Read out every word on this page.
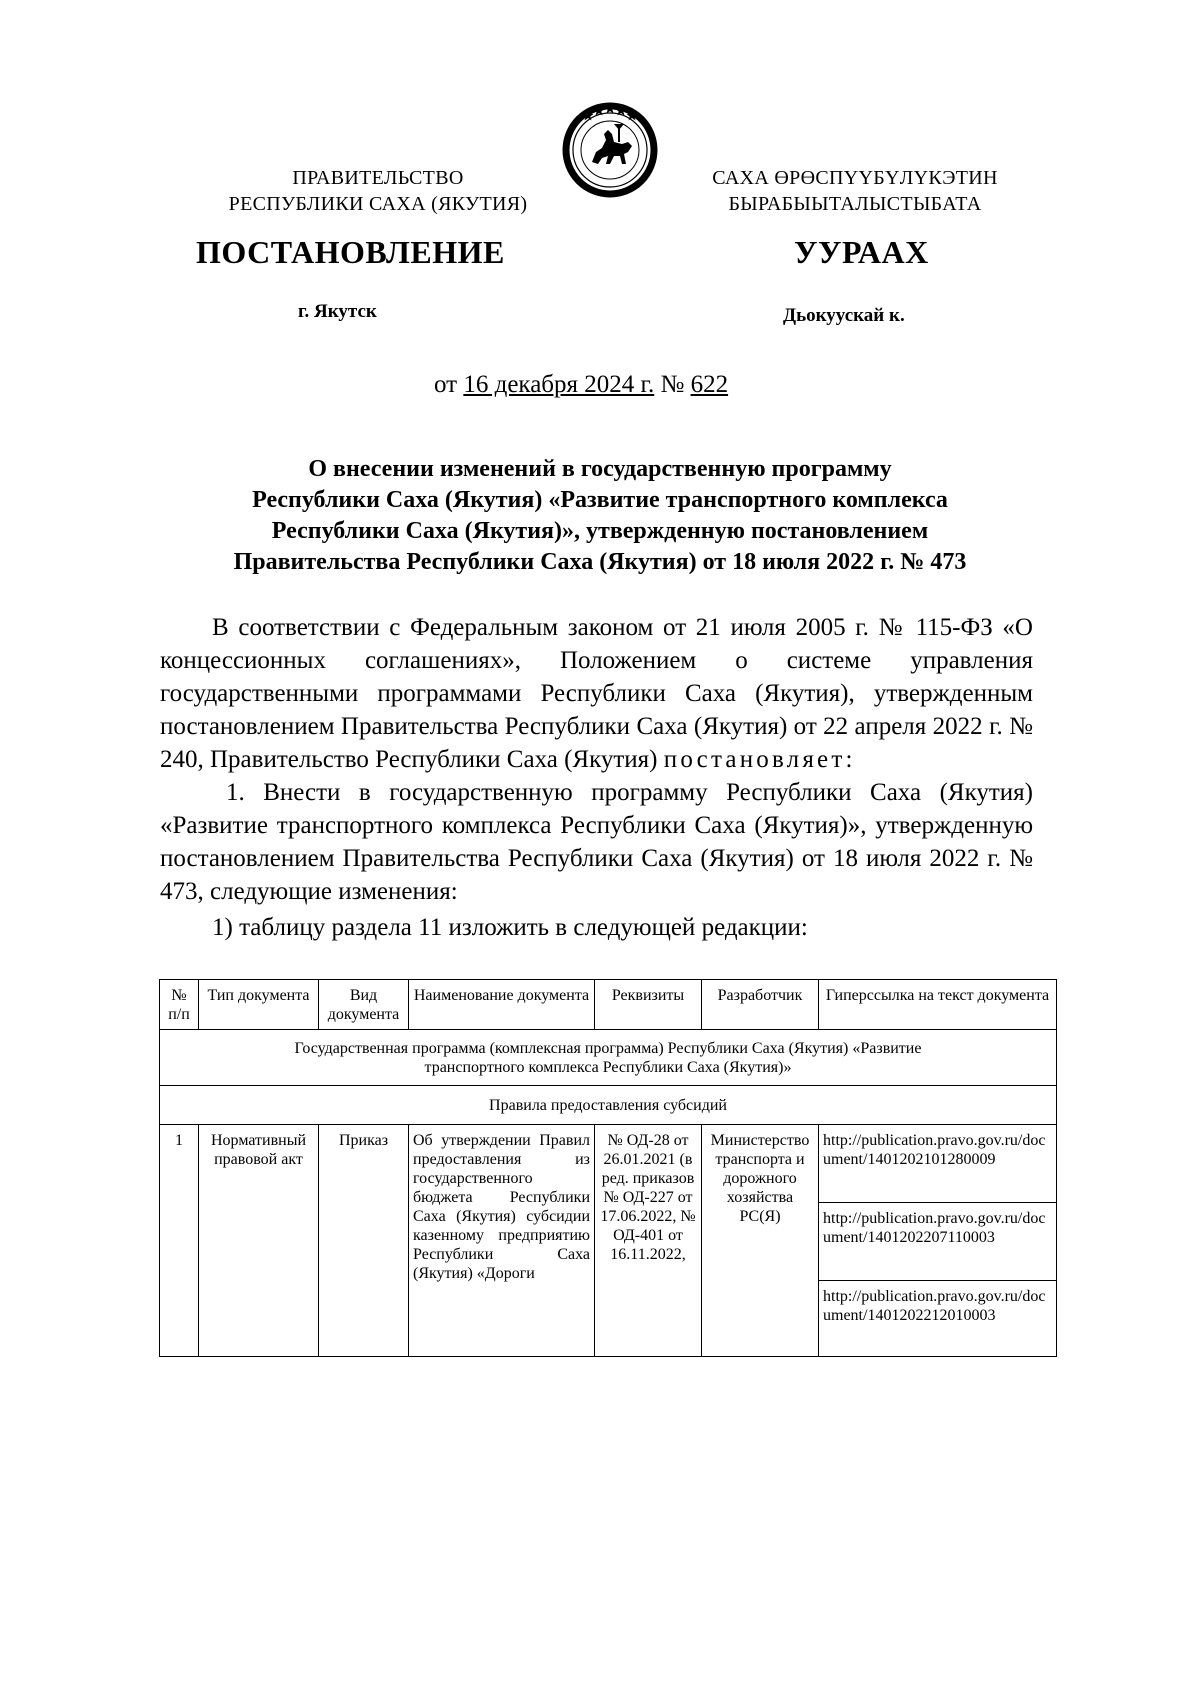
ПРАВИТЕЛЬСТВО
РЕСПУБЛИКИ САХА (ЯКУТИЯ)
САХА ӨРӨСПҮҮБҮЛҮКЭТИН
БЫРАБЫЫТАЛЫСТЫБАТА
ПОСТАНОВЛЕНИЕ	УУРААХ
г. Якутск	Дьокуускай к.
от 16 декабря 2024 г. № 622
О внесении изменений в государственную программу
Республики Саха (Якутия) «Развитие транспортного комплекса
Республики Саха (Якутия)», утвержденную постановлением
Правительства Республики Саха (Якутия) от 18 июля 2022 г. № 473
В соответствии с Федеральным законом от 21 июля 2005 г. № 115-ФЗ «О концессионных соглашениях», Положением о системе управления государственными программами Республики Саха (Якутия), утвержденным постановлением Правительства Республики Саха (Якутия) от 22 апреля 2022 г. № 240, Правительство Республики Саха (Якутия) постановляет:
1. Внести в государственную программу Республики Саха (Якутия) «Развитие транспортного комплекса Республики Саха (Якутия)», утвержденную постановлением Правительства Республики Саха (Якутия) от 18 июля 2022 г. № 473, следующие изменения:
1) таблицу раздела 11 изложить в следующей редакции:
№ п/п	Тип документа	Вид документа	Наименование документа	Реквизиты	Разработчик	Гиперссылка на текст документа
Государственная программа (комплексная программа) Республики Саха (Якутия) «Развитие транспортного комплекса Республики Саха (Якутия)»						
Правила предоставления субсидий						
1	Нормативный правовой акт	Приказ	Об утверждении Правил предоставления из государственного бюджета Республики Саха (Якутия) субсидии казенному предприятию Республики Саха (Якутия) «Дороги	№ ОД-28 от 26.01.2021 (в ред. приказов № ОД-227 от 17.06.2022, № ОД-401 от 16.11.2022,	Министерство транспорта и дорожного хозяйства РС(Я)	http://publication.pravo.gov.ru/document/1401202101280009
						http://publication.pravo.gov.ru/document/1401202207110003
						http://publication.pravo.gov.ru/document/1401202212010003
